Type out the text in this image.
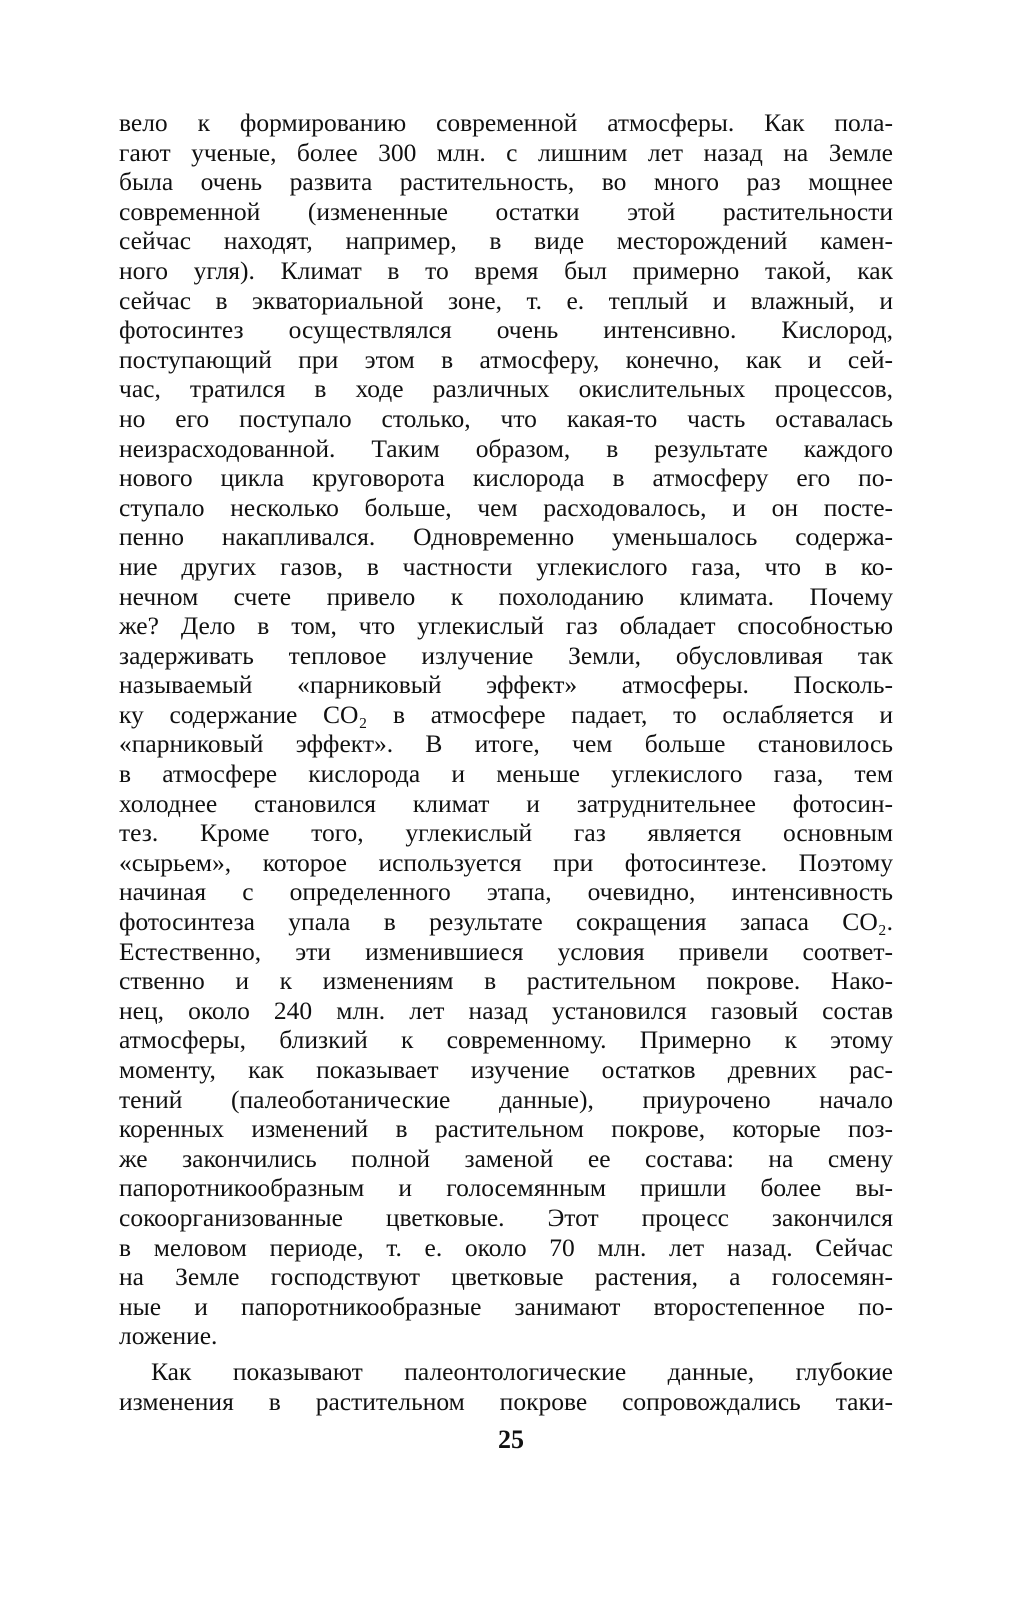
вело к формированию современной атмосферы. Как пола-
гают ученые, более 300 млн. с лишним лет назад на Земле
была очень развита растительность, во много раз мощнее
современной (измененные остатки этой растительности
сейчас находят, например, в виде месторождений камен-
ного угля). Климат в то время был примерно такой, как
сейчас в экваториальной зоне, т. е. теплый и влажный, и
фотосинтез осуществлялся очень интенсивно. Кислород,
поступающий при этом в атмосферу, конечно, как и сей-
час, тратился в ходе различных окислительных процессов,
но его поступало столько, что какая-то часть оставалась
неизрасходованной. Таким образом, в результате каждого
нового цикла круговорота кислорода в атмосферу его по-
ступало несколько больше, чем расходовалось, и он посте-
пенно накапливался. Одновременно уменьшалось содержа-
ние других газов, в частности углекислого газа, что в ко-
нечном счете привело к похолоданию климата. Почему
же? Дело в том, что углекислый газ обладает способностью
задерживать тепловое излучение Земли, обусловливая так
называемый «парниковый эффект» атмосферы. Посколь-
ку содержание CO₂ в атмосфере падает, то ослабляется и
«парниковый эффект». В итоге, чем больше становилось
в атмосфере кислорода и меньше углекислого газа, тем
холоднее становился климат и затруднительнее фотосин-
тез. Кроме того, углекислый газ является основным
«сырьем», которое используется при фотосинтезе. Поэтому
начиная с определенного этапа, очевидно, интенсивность
фотосинтеза упала в результате сокращения запаса CO₂.
Естественно, эти изменившиеся условия привели соответ-
ственно и к изменениям в растительном покрове. Нако-
нец, около 240 млн. лет назад установился газовый состав
атмосферы, близкий к современному. Примерно к этому
моменту, как показывает изучение остатков древних рас-
тений (палеоботанические данные), приурочено начало
коренных изменений в растительном покрове, которые поз-
же закончились полной заменой ее состава: на смену
папоротникообразным и голосемянным пришли более вы-
сокоорганизованные цветковые. Этот процесс закончился
в меловом периоде, т. е. около 70 млн. лет назад. Сейчас
на Земле господствуют цветковые растения, а голосемян-
ные и папоротникообразные занимают второстепенное по-
ложение.
Как показывают палеонтологические данные, глубокие
изменения в растительном покрове сопровождались таки-
25
